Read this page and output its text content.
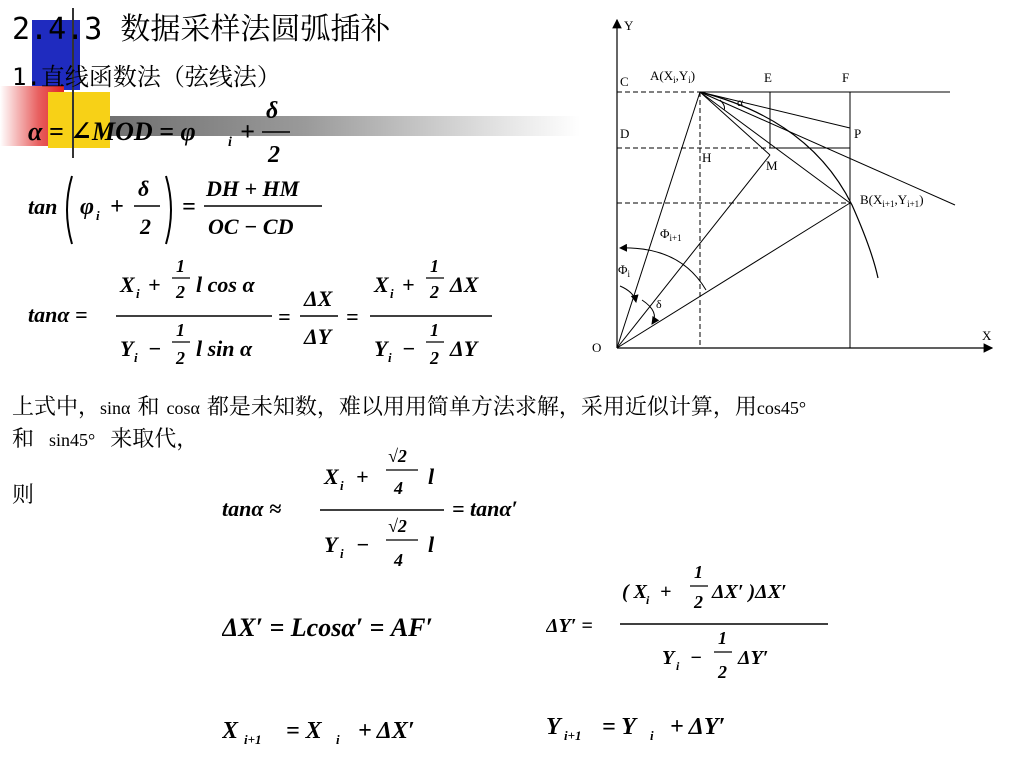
2.4.3 数据采样法圆弧插补
1.直线函数法（弦线法）
α = ∠MOD = φ i +
δ
2
tan φ i +
δ
2
=
DH + HM
OC − CD
tanα =
X i +
1
2 l cos α
Y i −
1
2 l sin α
=
ΔX
ΔY
=
X i +
1
2 ΔX
Y i −
1
2 ΔY
上式中，sinα 和 cosα 都是未知数，难以用用简单方法求解，采用近似计算，用cos45°
和 sin45° 来取代，
则
tanα ≈
X i +
√2
4 l
Y i −
√2
4
l
= tanα′
ΔX′ = Lcosα′ = AF′	ΔY′ =
( X i +
1
2 ΔX′ )ΔX′
Y i −
1
2
ΔY′
X i+1 = X i + ΔX′	Y i+1 = Y i + ΔY′
Y
X
O
C
D
E	F
P
H
M
$A(X_i,Y_i)$
$B(X_{i+1},Y_{i+1})$
α
δ
$\Phi_{i+1}$
$\Phi_i$
